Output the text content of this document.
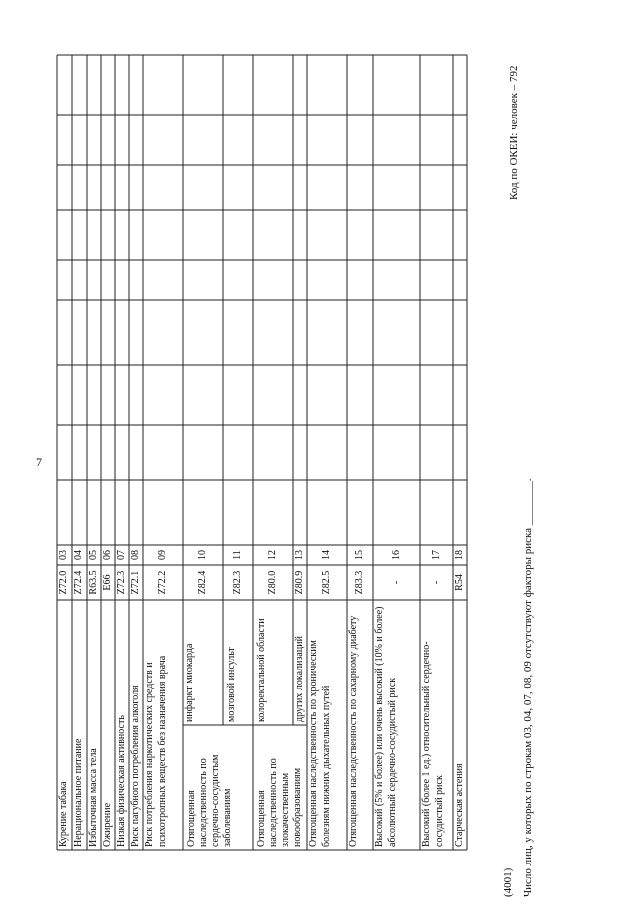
7
Курение табака
Z72.0
03
Нерациональное питание
Z72.4
04
Избыточная масса тела
R63.5
05
Ожирение
E66
06
Низкая физическая активность
Z72.3
07
Риск пагубного потребления алкоголя
Z72.1
08
Риск потребления наркотических средств и психотропных веществ без назначения врача
Z72.2
09
Отягощенная наследственность по сердечно-сосудистым заболеваниям
инфаркт миокарда
Z82.4
10
мозговой инсульт
Z82.3
11
Отягощенная наследственность по злокачественным новообразованиям
колоректальной области
Z80.0
12
других локализаций
Z80.9
13
Отягощенная наследственность по хроническим болезням нижних дыхательных путей
Z82.5
14
Отягощенная наследственность по сахарному диабету
Z83.3
15
Высокий (5% и более) или очень высокий (10% и более) абсолютный сердечно-сосудистый риск
-
16
Высокий (более 1 ед.) относительный сердечно-сосудистый риск
-
17
Старческая астения
R54
18
(4001) Число лиц, у которых по строкам 03, 04, 07, 08, 09 отсутствуют факторы риска ________.
Код по ОКЕИ: человек – 792
